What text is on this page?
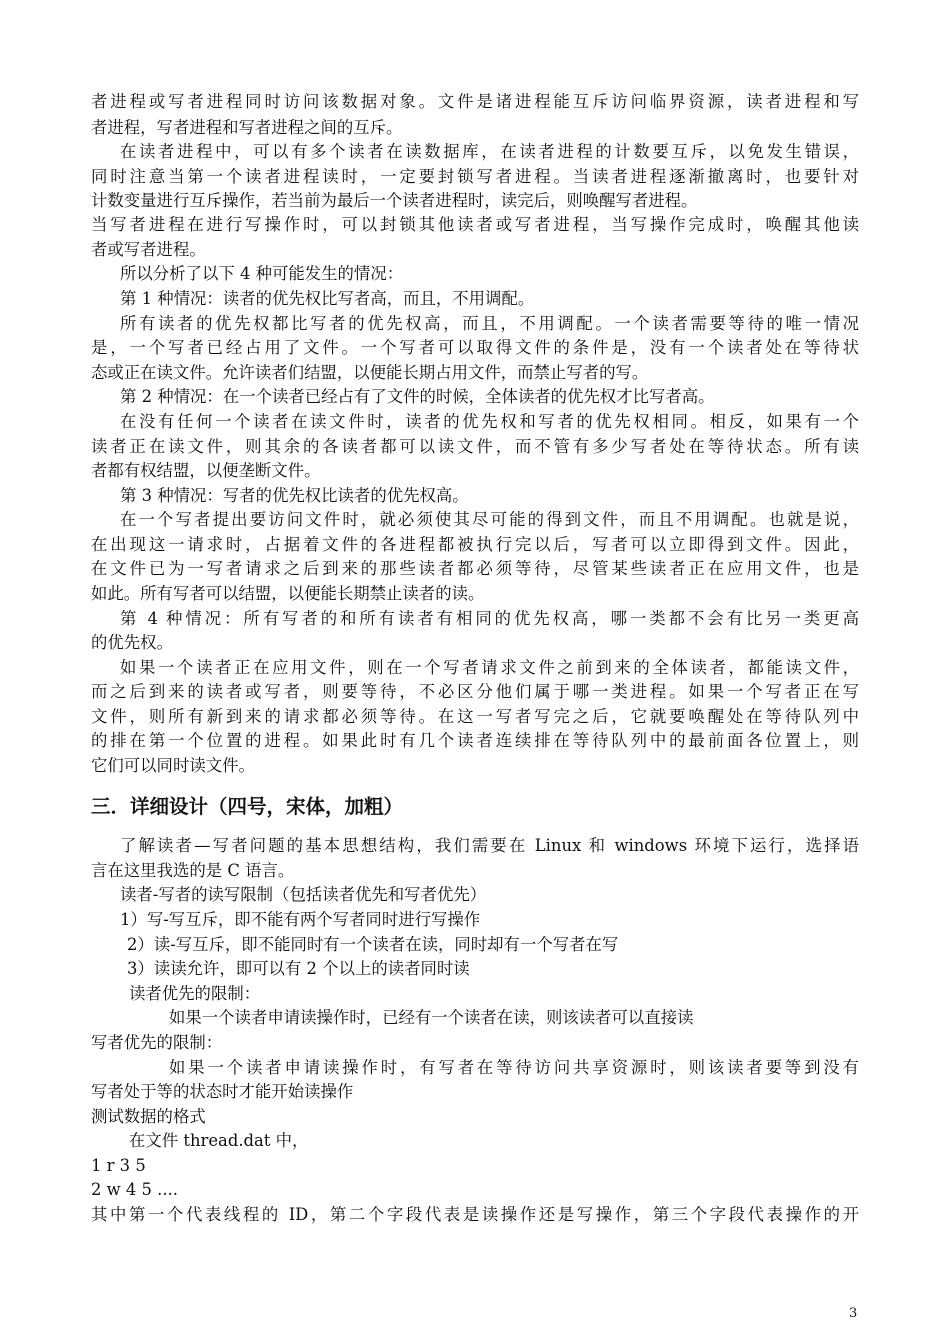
者进程或写者进程同时访问该数据对象。文件是诸进程能互斥访问临界资源，读者进程和写

者进程，写者进程和写者进程之间的互斥。

在读者进程中，可以有多个读者在读数据库，在读者进程的计数要互斥，以免发生错误，

同时注意当第一个读者进程读时，一定要封锁写者进程。当读者进程逐渐撤离时，也要针对

计数变量进行互斥操作，若当前为最后一个读者进程时，读完后，则唤醒写者进程。

当写者进程在进行写操作时，可以封锁其他读者或写者进程，当写操作完成时，唤醒其他读

者或写者进程。

所以分析了以下 4 种可能发生的情况：

第 1 种情况：读者的优先权比写者高，而且，不用调配。

所有读者的优先权都比写者的优先权高，而且，不用调配。一个读者需要等待的唯一情况

是，一个写者已经占用了文件。一个写者可以取得文件的条件是，没有一个读者处在等待状

态或正在读文件。允许读者们结盟，以便能长期占用文件，而禁止写者的写。

第 2 种情况：在一个读者已经占有了文件的时候，全体读者的优先权才比写者高。

在没有任何一个读者在读文件时，读者的优先权和写者的优先权相同。相反，如果有一个

读者正在读文件，则其余的各读者都可以读文件，而不管有多少写者处在等待状态。所有读

者都有权结盟，以便垄断文件。

第 3 种情况：写者的优先权比读者的优先权高。

在一个写者提出要访问文件时，就必须使其尽可能的得到文件，而且不用调配。也就是说，

在出现这一请求时，占据着文件的各进程都被执行完以后，写者可以立即得到文件。因此，

在文件已为一写者请求之后到来的那些读者都必须等待，尽管某些读者正在应用文件，也是

如此。所有写者可以结盟，以便能长期禁止读者的读。

第 4 种情况：所有写者的和所有读者有相同的优先权高，哪一类都不会有比另一类更高

的优先权。

如果一个读者正在应用文件，则在一个写者请求文件之前到来的全体读者，都能读文件，

而之后到来的读者或写者，则要等待，不必区分他们属于哪一类进程。如果一个写者正在写

文件，则所有新到来的请求都必须等待。在这一写者写完之后，它就要唤醒处在等待队列中

的排在第一个位置的进程。如果此时有几个读者连续排在等待队列中的最前面各位置上，则

它们可以同时读文件。

三．详细设计（四号，宋体，加粗）

了解读者—写者问题的基本思想结构，我们需要在 Linux 和 windows 环境下运行，选择语

言在这里我选的是 C 语言。

读者-写者的读写限制（包括读者优先和写者优先）

1）写-写互斥，即不能有两个写者同时进行写操作

2）读-写互斥，即不能同时有一个读者在读，同时却有一个写者在写

3）读读允许，即可以有 2 个以上的读者同时读

读者优先的限制：

如果一个读者申请读操作时，已经有一个读者在读，则该读者可以直接读

写者优先的限制：

如果一个读者申请读操作时，有写者在等待访问共享资源时，则该读者要等到没有

写者处于等的状态时才能开始读操作

测试数据的格式

在文件 thread.dat 中，

1 r 3 5

2 w 4 5 ....

其中第一个代表线程的 ID，第二个字段代表是读操作还是写操作，第三个字段代表操作的开

3
